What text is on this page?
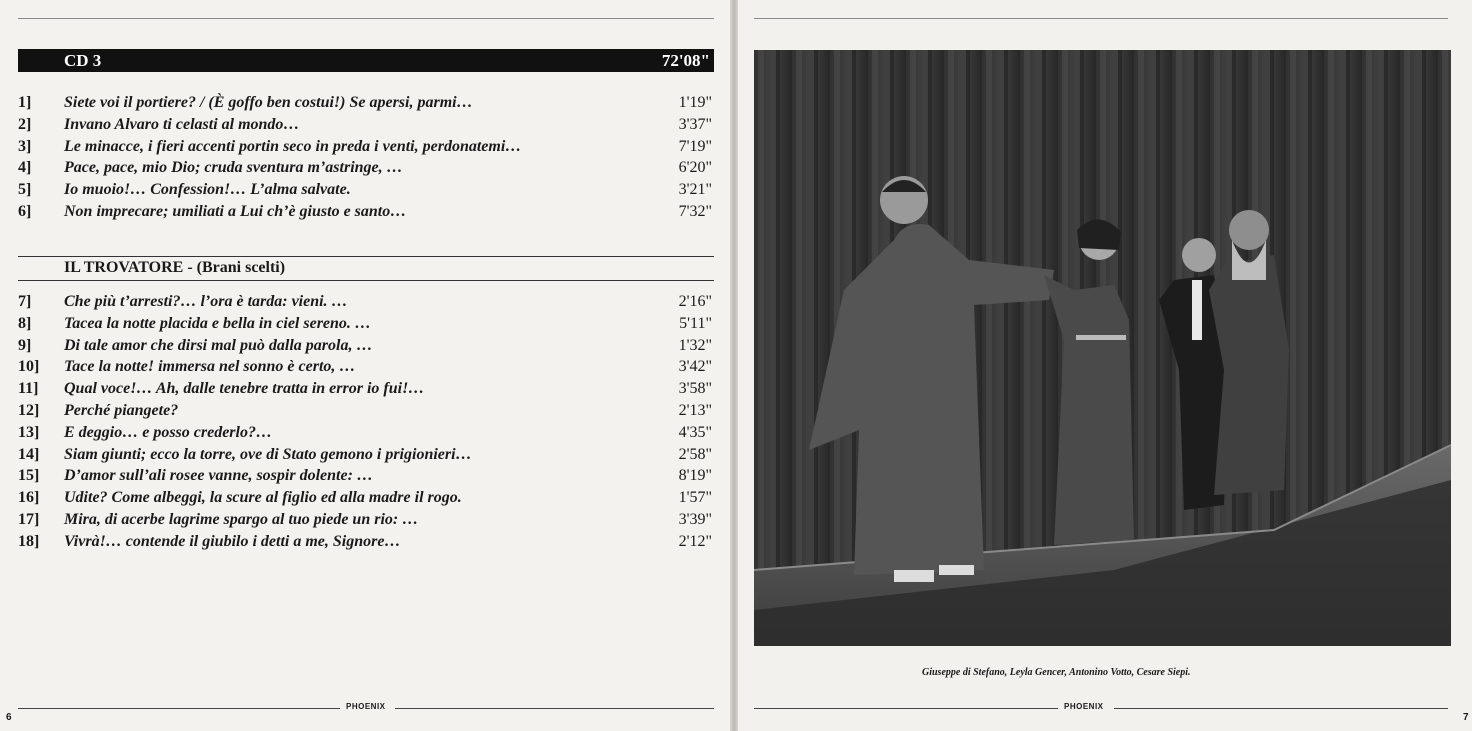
CD 3	72'08"
1] Siete voi il portiere? / (È goffo ben costui!) Se apersi, parmi…	1'19"
2] Invano Alvaro ti celasti al mondo…	3'37"
3] Le minacce, i fieri accenti portin seco in preda i venti, perdonatemi…	7'19"
4] Pace, pace, mio Dio; cruda sventura m’astringe, …	6'20"
5] Io muoio!… Confession!… L’alma salvate.	3'21"
6] Non imprecare; umiliati a Lui ch’è giusto e santo…	7'32"
IL TROVATORE - (Brani scelti)
7] Che più t’arresti?… l’ora è tarda: vieni. …	2'16"
8] Tacea la notte placida e bella in ciel sereno. …	5'11"
9] Di tale amor che dirsi mal può dalla parola, …	1'32"
10] Tace la notte! immersa nel sonno è certo, …	3'42"
11] Qual voce!… Ah, dalle tenebre tratta in error io fui!…	3'58"
12] Perché piangete?	2'13"
13] E deggio… e posso crederlo?…	4'35"
14] Siam giunti; ecco la torre, ove di Stato gemono i prigionieri…	2'58"
15] D’amor sull’ali rosee vanne, sospir dolente: …	8'19"
16] Udite? Come albeggi, la scure al figlio ed alla madre il rogo.	1'57"
17] Mira, di acerbe lagrime spargo al tuo piede un rio: …	3'39"
18] Vivrà!… contende il giubilo i detti a me, Signore…	2'12"
PHOENIX
6
Giuseppe di Stefano, Leyla Gencer, Antonino Votto, Cesare Siepi.
PHOENIX
7
